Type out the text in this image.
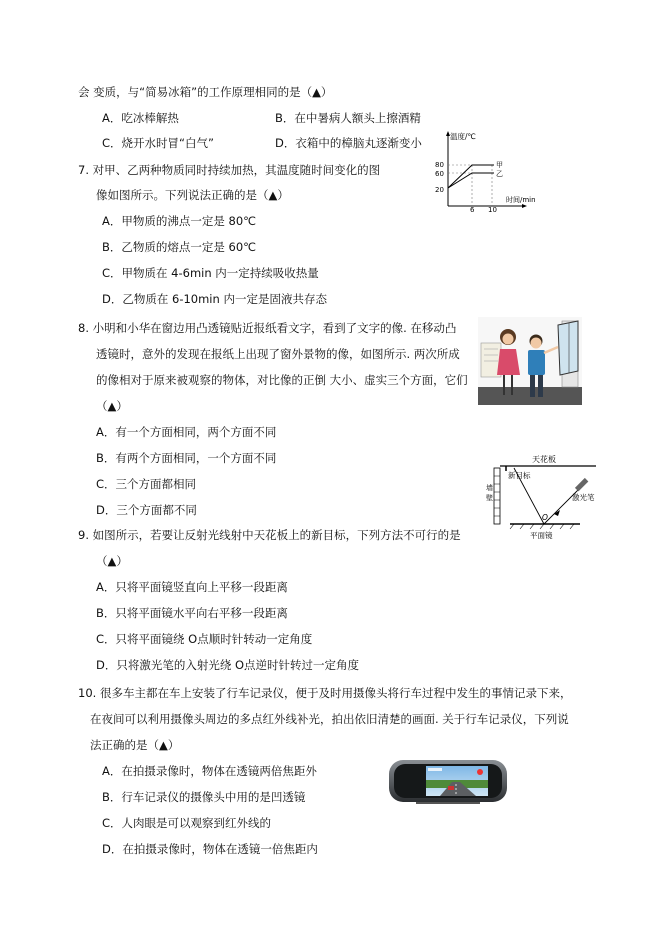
会 变质，与“简易冰箱”的工作原理相同的是（▲）
A．吃冰棒解热	B．在中暑病人额头上擦酒精
C．烧开水时冒“白气”	D．衣箱中的樟脑丸逐渐变小
7. 对甲、乙两种物质同时持续加热，其温度随时间变化的图
像如图所示。下列说法正确的是（▲）
A．甲物质的沸点一定是 80℃
B．乙物质的熔点一定是 60℃
C．甲物质在 4-6min 内一定持续吸收热量
D．乙物质在 6-10min 内一定是固液共存态
温度/℃
时间/min
80
60
20
6 10
甲
乙
8. 小明和小华在窗边用凸透镜贴近报纸看文字，看到了文字的像. 在移动凸
透镜时，意外的发现在报纸上出现了窗外景物的像，如图所示. 两次所成
的像相对于原来被观察的物体，对比像的正倒 大小、虚实三个方面，它们
（▲）
A．有一个方面相同，两个方面不同
B．有两个方面相同，一个方面不同
C．三个方面都相同
D．三个方面都不同
天花板
墙
壁
新目标
平面镜
激光笔
O
9. 如图所示，若要让反射光线射中天花板上的新目标，下列方法不可行的是
（▲）
A．只将平面镜竖直向上平移一段距离
B．只将平面镜水平向右平移一段距离
C．只将平面镜绕 O点顺时针转动一定角度
D．只将激光笔的入射光绕 O点逆时针转过一定角度
10. 很多车主都在车上安装了行车记录仪，便于及时用摄像头将行车过程中发生的事情记录下来，
在夜间可以利用摄像头周边的多点红外线补光，拍出依旧清楚的画面. 关于行车记录仪，下列说
法正确的是（▲）
A．在拍摄录像时，物体在透镜两倍焦距外
B．行车记录仪的摄像头中用的是凹透镜
C．人肉眼是可以观察到红外线的
D．在拍摄录像时，物体在透镜一倍焦距内
